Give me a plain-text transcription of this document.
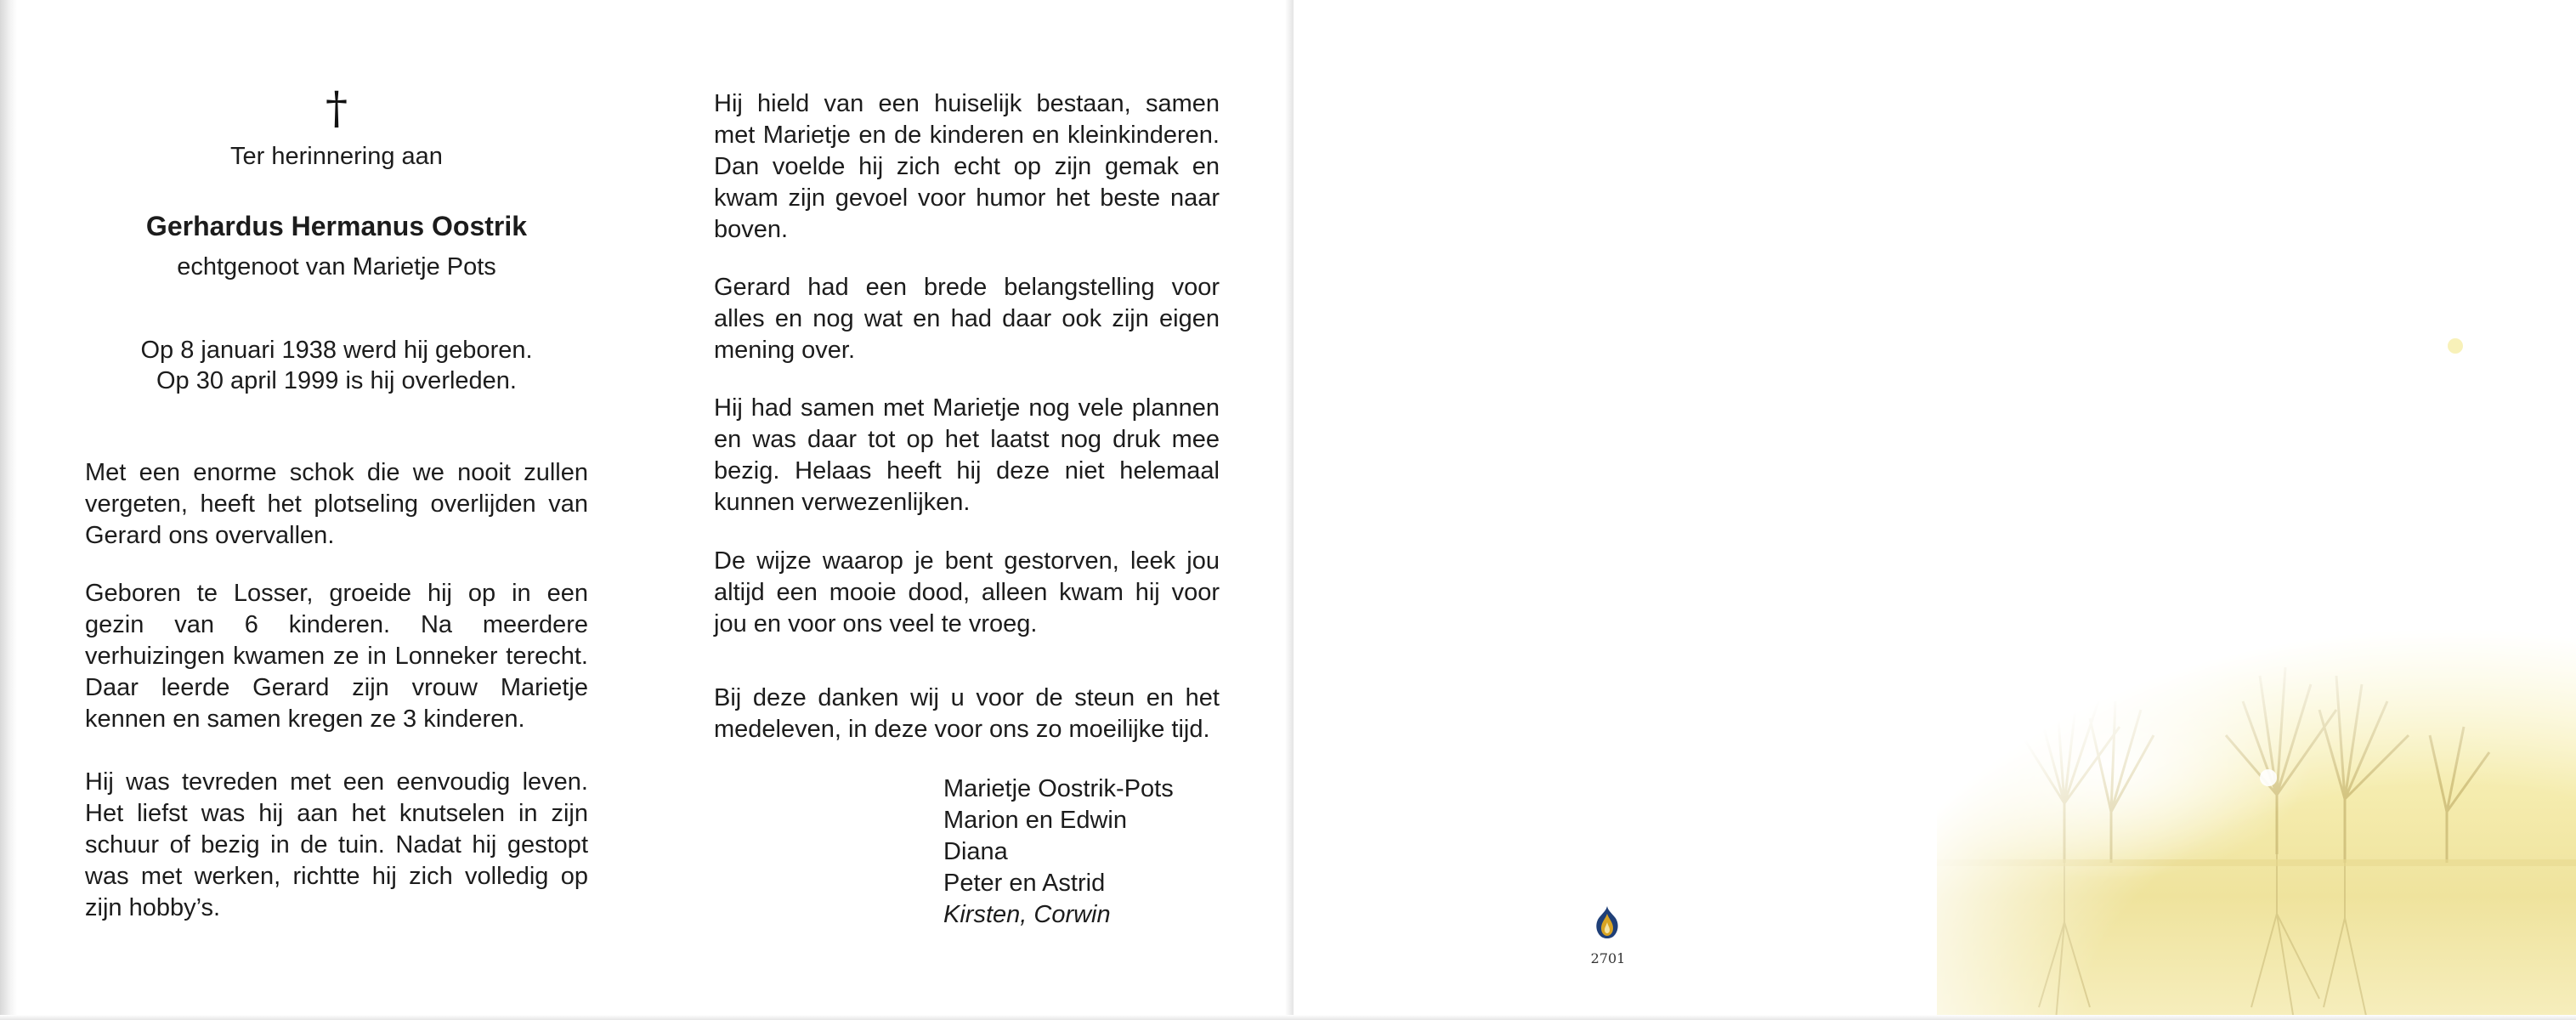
†
Ter herinnering aan
Gerhardus Hermanus Oostrik
echtgenoot van Marietje Pots
Op 8 januari 1938 werd hij geboren.
Op 30 april 1999 is hij overleden.

Met een enorme schok die we nooit zullen vergeten, heeft het plotseling overlijden van Gerard ons overvallen.

Geboren te Losser, groeide hij op in een gezin van 6 kinderen. Na meerdere verhuizingen kwamen ze in Lonneker terecht. Daar leerde Gerard zijn vrouw Marietje kennen en samen kregen ze 3 kinderen.

Hij was tevreden met een eenvoudig leven. Het liefst was hij aan het knutselen in zijn schuur of bezig in de tuin. Nadat hij gestopt was met werken, richtte hij zich volledig op zijn hobby’s.

Hij hield van een huiselijk bestaan, samen met Marietje en de kinderen en kleinkinderen. Dan voelde hij zich echt op zijn gemak en kwam zijn gevoel voor humor het beste naar boven.

Gerard had een brede belangstelling voor alles en nog wat en had daar ook zijn eigen mening over.

Hij had samen met Marietje nog vele plannen en was daar tot op het laatst nog druk mee bezig. Helaas heeft hij deze niet helemaal kunnen verwezenlijken.

De wijze waarop je bent gestorven, leek jou altijd een mooie dood, alleen kwam hij voor jou en voor ons veel te vroeg.

Bij deze danken wij u voor de steun en het medeleven, in deze voor ons zo moeilijke tijd.

Marietje Oostrik-Pots
Marion en Edwin
Diana
Peter en Astrid
Kirsten, Corwin
2701
